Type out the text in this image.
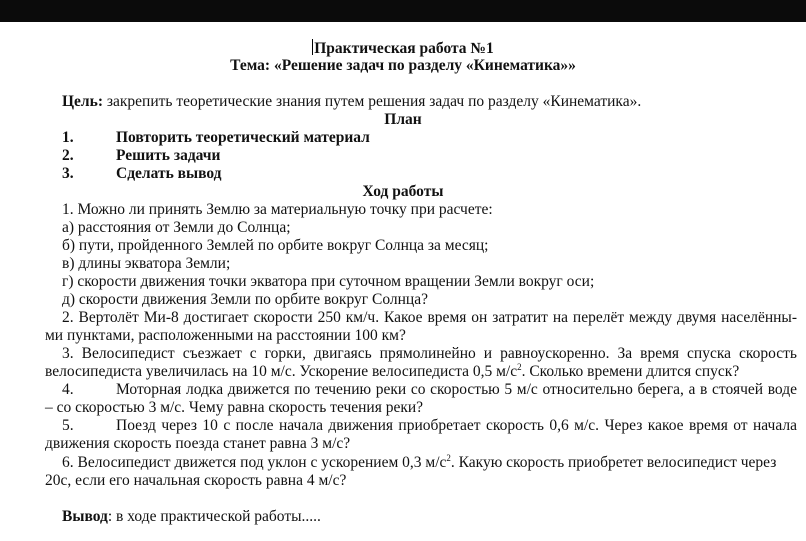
Практическая работа №1
Тема: «Решение задач по разделу «Кинематика»»
Цель: закрепить теоретические знания путем решения задач по разделу «Кинематика».
План
1.	Повторить теоретический материал
2.	Решить задачи
3.	Сделать вывод
Ход работы
1. Можно ли принять Землю за материальную точку при расчете:
а) расстояния от Земли до Солнца;
б) пути, пройденного Землей по орбите вокруг Солнца за месяц;
в) длины экватора Земли;
г) скорости движения точки экватора при суточном вращении Земли вокруг оси;
д) скорости движения Земли по орбите вокруг Солнца?
2. Вертолёт Ми-8 достигает скорости 250 км/ч. Какое время он затратит на перелёт между двумя населённы-
ми пунктами, расположенными на расстоянии 100 км?
3. Велосипедист съезжает с горки, двигаясь прямолинейно и равноускоренно. За время спуска скорость
велосипедиста увеличилась на 10 м/с. Ускорение велосипедиста 0,5 $м/с^2$. Сколько времени длится спуск?
4.	Моторная лодка движется по течению реки со скоростью 5 м/с относительно берега, а в стоячей воде
– со скоростью 3 м/с. Чему равна скорость течения реки?
5.	Поезд через 10 с после начала движения приобретает скорость 0,6 м/с. Через какое время от начала
движения скорость поезда станет равна 3 м/с?
6. Велосипедист движется под уклон с ускорением 0,3 $м/с^2$. Какую скорость приобретет велосипедист через
20с, если его начальная скорость равна 4 м/с?
Вывод: в ходе практической работы.....
